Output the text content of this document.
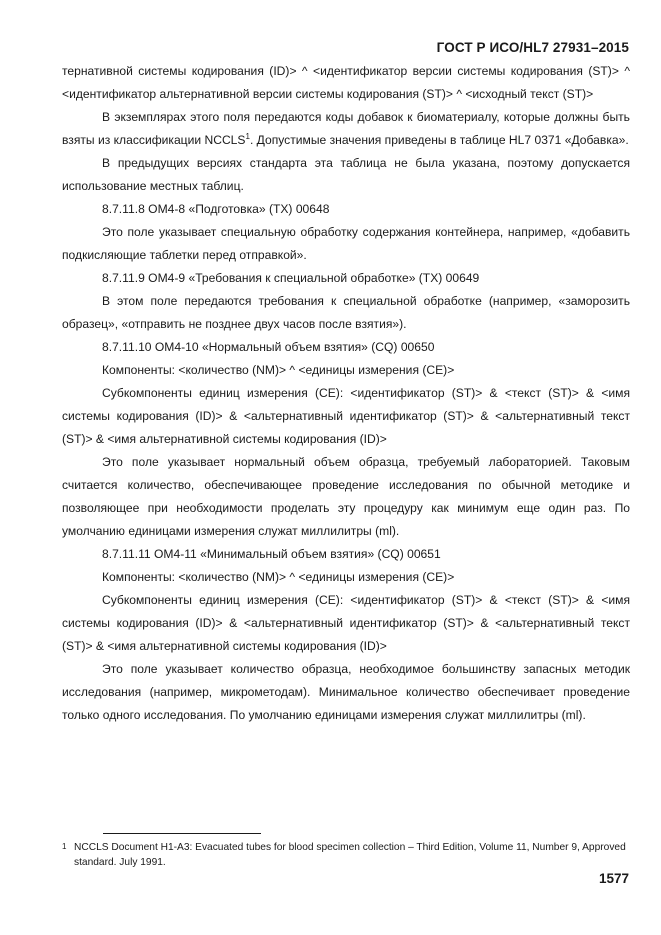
ГОСТ Р ИСО/HL7 27931–2015

тернативной системы кодирования (ID)> ^ <идентификатор версии системы кодирования (ST)> ^ <идентификатор альтернативной версии системы кодирования (ST)> ^ <исходный текст (ST)>

В экземплярах этого поля передаются коды добавок к биоматериалу, которые должны быть взяты из классификации NCCLS$^1$. Допустимые значения приведены в таблице HL7 0371 «Добавка».

В предыдущих версиях стандарта эта таблица не была указана, поэтому допускается использование местных таблиц.

8.7.11.8 OM4-8 «Подготовка» (TX) 00648

Это поле указывает специальную обработку содержания контейнера, например, «добавить подкисляющие таблетки перед отправкой».

8.7.11.9 OM4-9 «Требования к специальной обработке» (TX) 00649

В этом поле передаются требования к специальной обработке (например, «заморозить образец», «отправить не позднее двух часов после взятия»).

8.7.11.10 OM4-10 «Нормальный объем взятия» (CQ) 00650

Компоненты: <количество (NM)> ^ <единицы измерения (CE)>

Субкомпоненты единиц измерения (CE): <идентификатор (ST)> & <текст (ST)> & <имя системы кодирования (ID)> & <альтернативный идентификатор (ST)> & <альтернативный текст (ST)> & <имя альтернативной системы кодирования (ID)>

Это поле указывает нормальный объем образца, требуемый лабораторией. Таковым считается количество, обеспечивающее проведение исследования по обычной методике и позволяющее при необходимости проделать эту процедуру как минимум еще один раз. По умолчанию единицами измерения служат миллилитры (ml).

8.7.11.11 OM4-11 «Минимальный объем взятия» (CQ) 00651

Компоненты: <количество (NM)> ^ <единицы измерения (CE)>

Субкомпоненты единиц измерения (CE): <идентификатор (ST)> & <текст (ST)> & <имя системы кодирования (ID)> & <альтернативный идентификатор (ST)> & <альтернативный текст (ST)> & <имя альтернативной системы кодирования (ID)>

Это поле указывает количество образца, необходимое большинству запасных методик исследования (например, микрометодам). Минимальное количество обеспечивает проведение только одного исследования. По умолчанию единицами измерения служат миллилитры (ml).

1 NCCLS Document H1-A3: Evacuated tubes for blood specimen collection – Third Edition, Volume 11, Number 9, Approved standard. July 1991.
1577
